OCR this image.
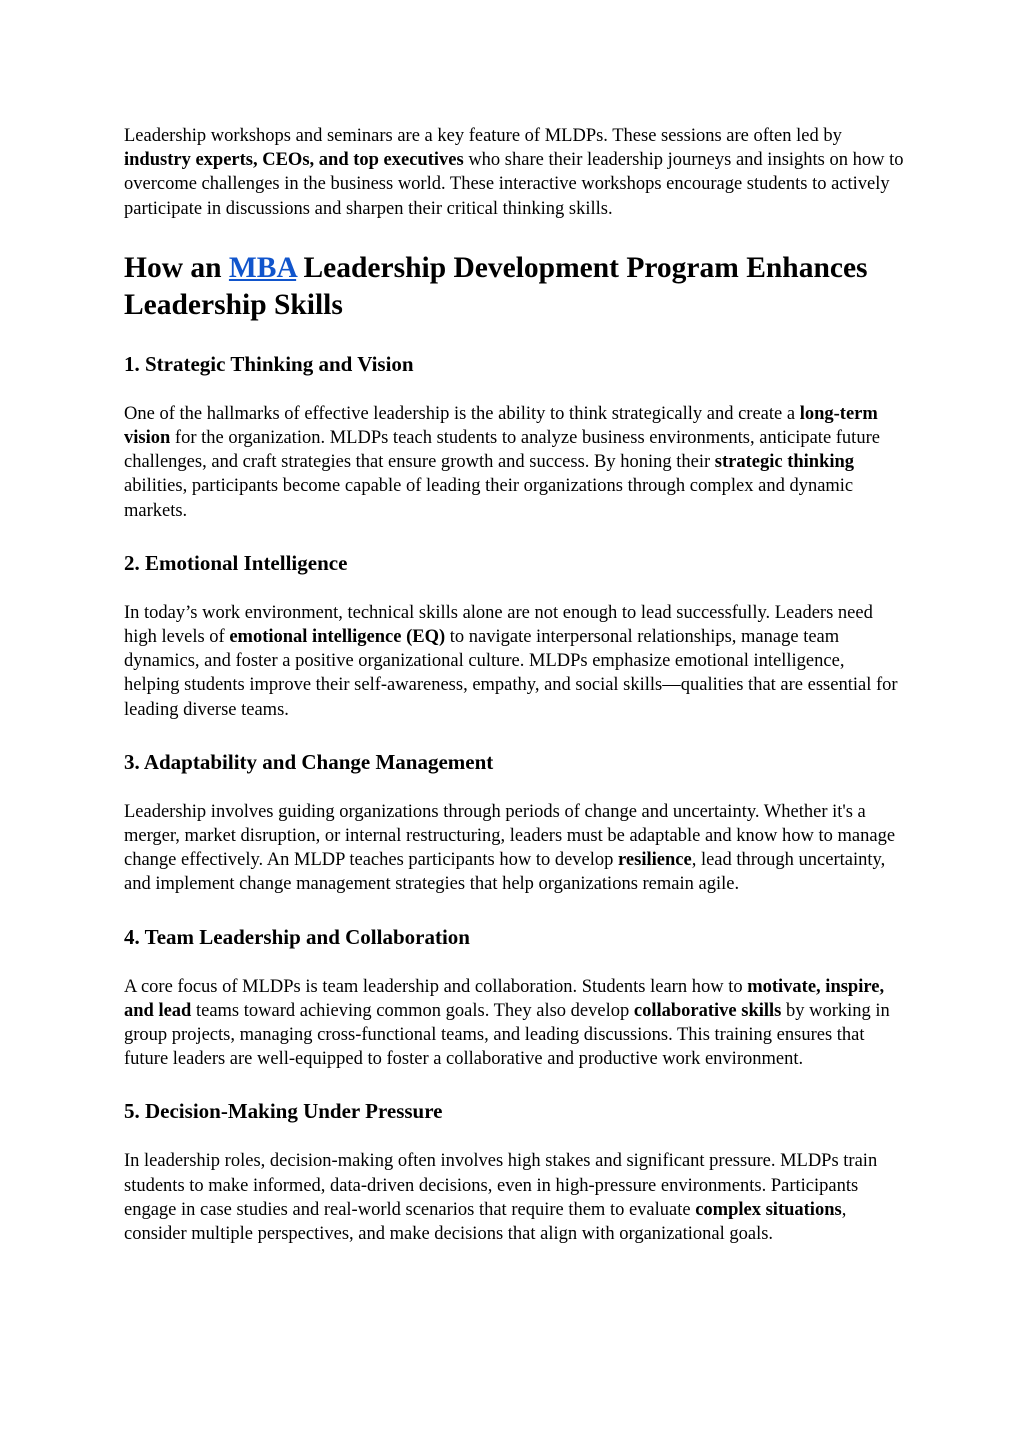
Leadership workshops and seminars are a key feature of MLDPs. These sessions are often led by industry experts, CEOs, and top executives who share their leadership journeys and insights on how to overcome challenges in the business world. These interactive workshops encourage students to actively participate in discussions and sharpen their critical thinking skills.

How an MBA Leadership Development Program Enhances Leadership Skills
1. Strategic Thinking and Vision

One of the hallmarks of effective leadership is the ability to think strategically and create a long-term vision for the organization. MLDPs teach students to analyze business environments, anticipate future challenges, and craft strategies that ensure growth and success. By honing their strategic thinking abilities, participants become capable of leading their organizations through complex and dynamic markets.

2. Emotional Intelligence

In today’s work environment, technical skills alone are not enough to lead successfully. Leaders need high levels of emotional intelligence (EQ) to navigate interpersonal relationships, manage team dynamics, and foster a positive organizational culture. MLDPs emphasize emotional intelligence, helping students improve their self-awareness, empathy, and social skills—qualities that are essential for leading diverse teams.

3. Adaptability and Change Management

Leadership involves guiding organizations through periods of change and uncertainty. Whether it's a merger, market disruption, or internal restructuring, leaders must be adaptable and know how to manage change effectively. An MLDP teaches participants how to develop resilience, lead through uncertainty, and implement change management strategies that help organizations remain agile.

4. Team Leadership and Collaboration

A core focus of MLDPs is team leadership and collaboration. Students learn how to motivate, inspire, and lead teams toward achieving common goals. They also develop collaborative skills by working in group projects, managing cross-functional teams, and leading discussions. This training ensures that future leaders are well-equipped to foster a collaborative and productive work environment.

5. Decision-Making Under Pressure

In leadership roles, decision-making often involves high stakes and significant pressure. MLDPs train students to make informed, data-driven decisions, even in high-pressure environments. Participants engage in case studies and real-world scenarios that require them to evaluate complex situations, consider multiple perspectives, and make decisions that align with organizational goals.
